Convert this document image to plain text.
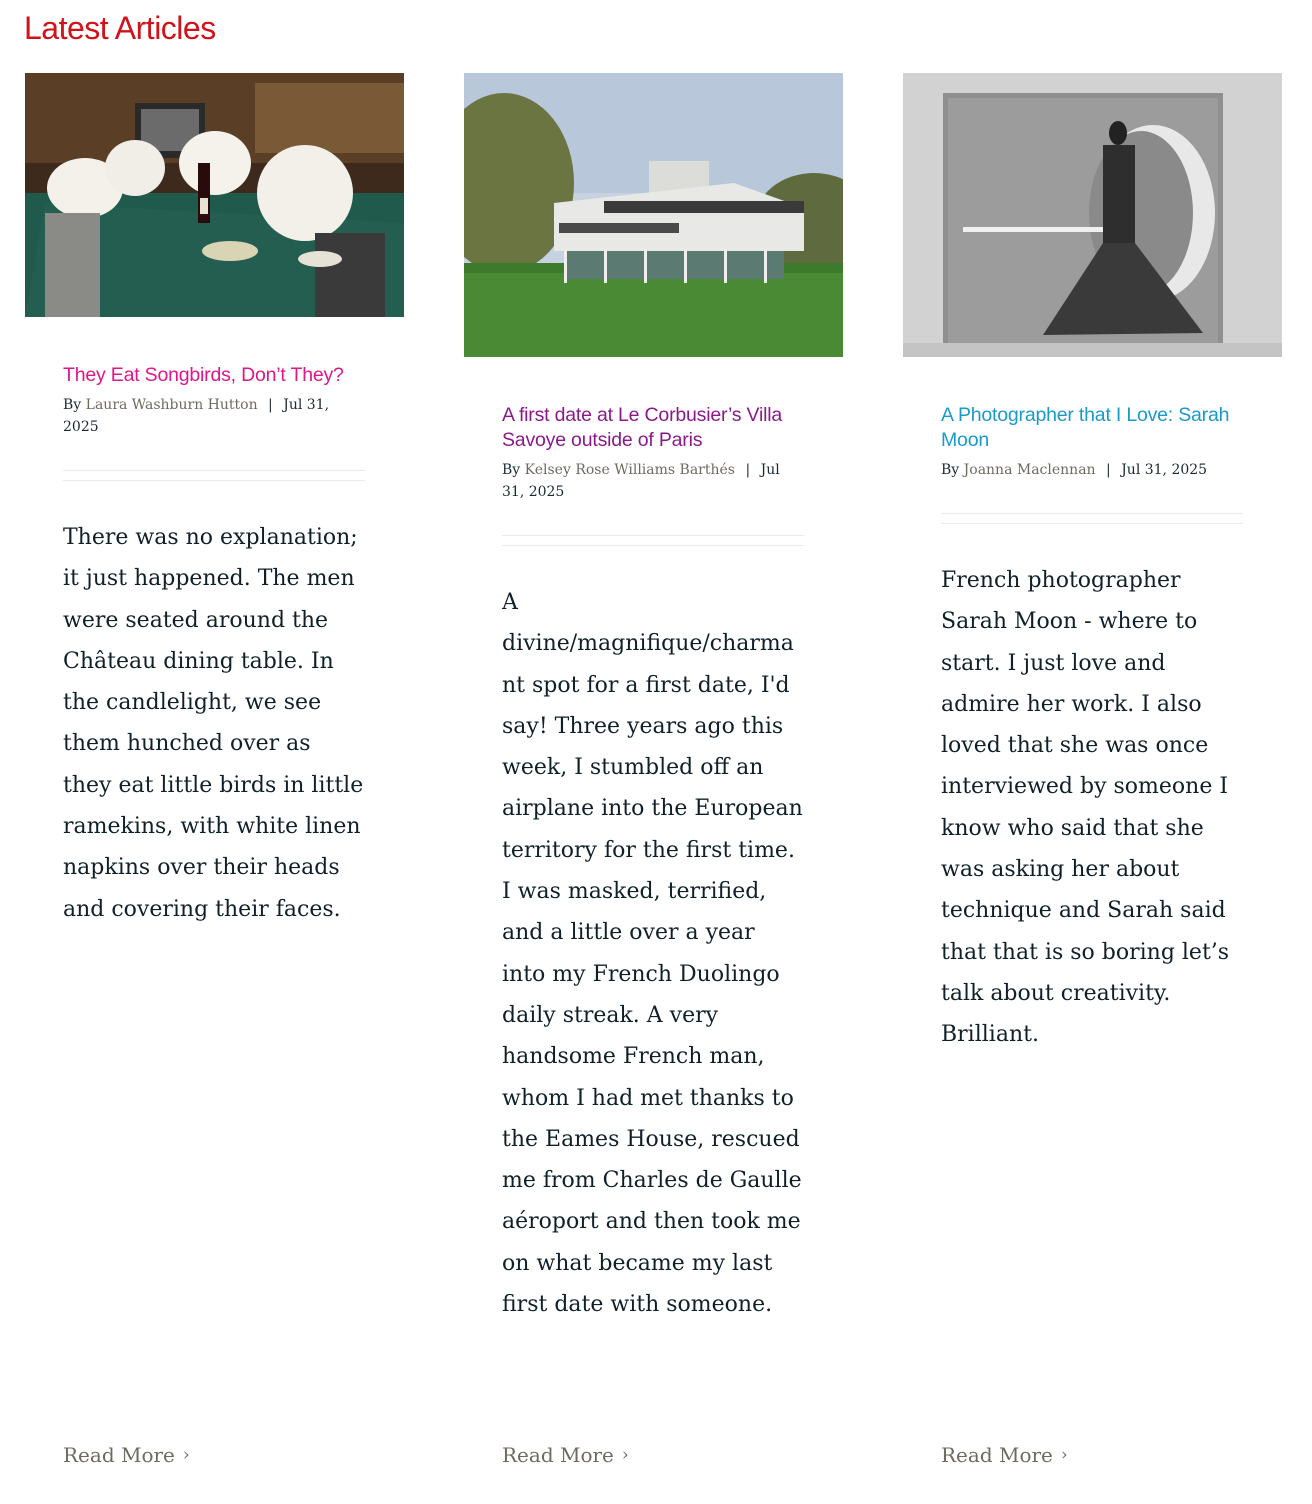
Latest Articles
They Eat Songbirds, Don’t They?
By Laura Washburn Hutton | Jul 31, 2025

There was no explanation; it just happened. The men were seated around the Château dining table. In the candlelight, we see them hunched over as they eat little birds in little ramekins, with white linen napkins over their heads and covering their faces.

Read More ›
A first date at Le Corbusier’s Villa Savoye outside of Paris
By Kelsey Rose Williams Barthés | Jul 31, 2025

A divine/magnifique/charmant spot for a first date, I'd say! Three years ago this week, I stumbled off an airplane into the European territory for the first time. I was masked, terrified, and a little over a year into my French Duolingo daily streak. A very handsome French man, whom I had met thanks to the Eames House, rescued me from Charles de Gaulle aéroport and then took me on what became my last first date with someone.

Read More ›
A Photographer that I Love: Sarah Moon
By Joanna Maclennan | Jul 31, 2025

French photographer Sarah Moon - where to start. I just love and admire her work. I also loved that she was once interviewed by someone I know who said that she was asking her about technique and Sarah said that that is so boring let’s talk about creativity. Brilliant.

Read More ›
